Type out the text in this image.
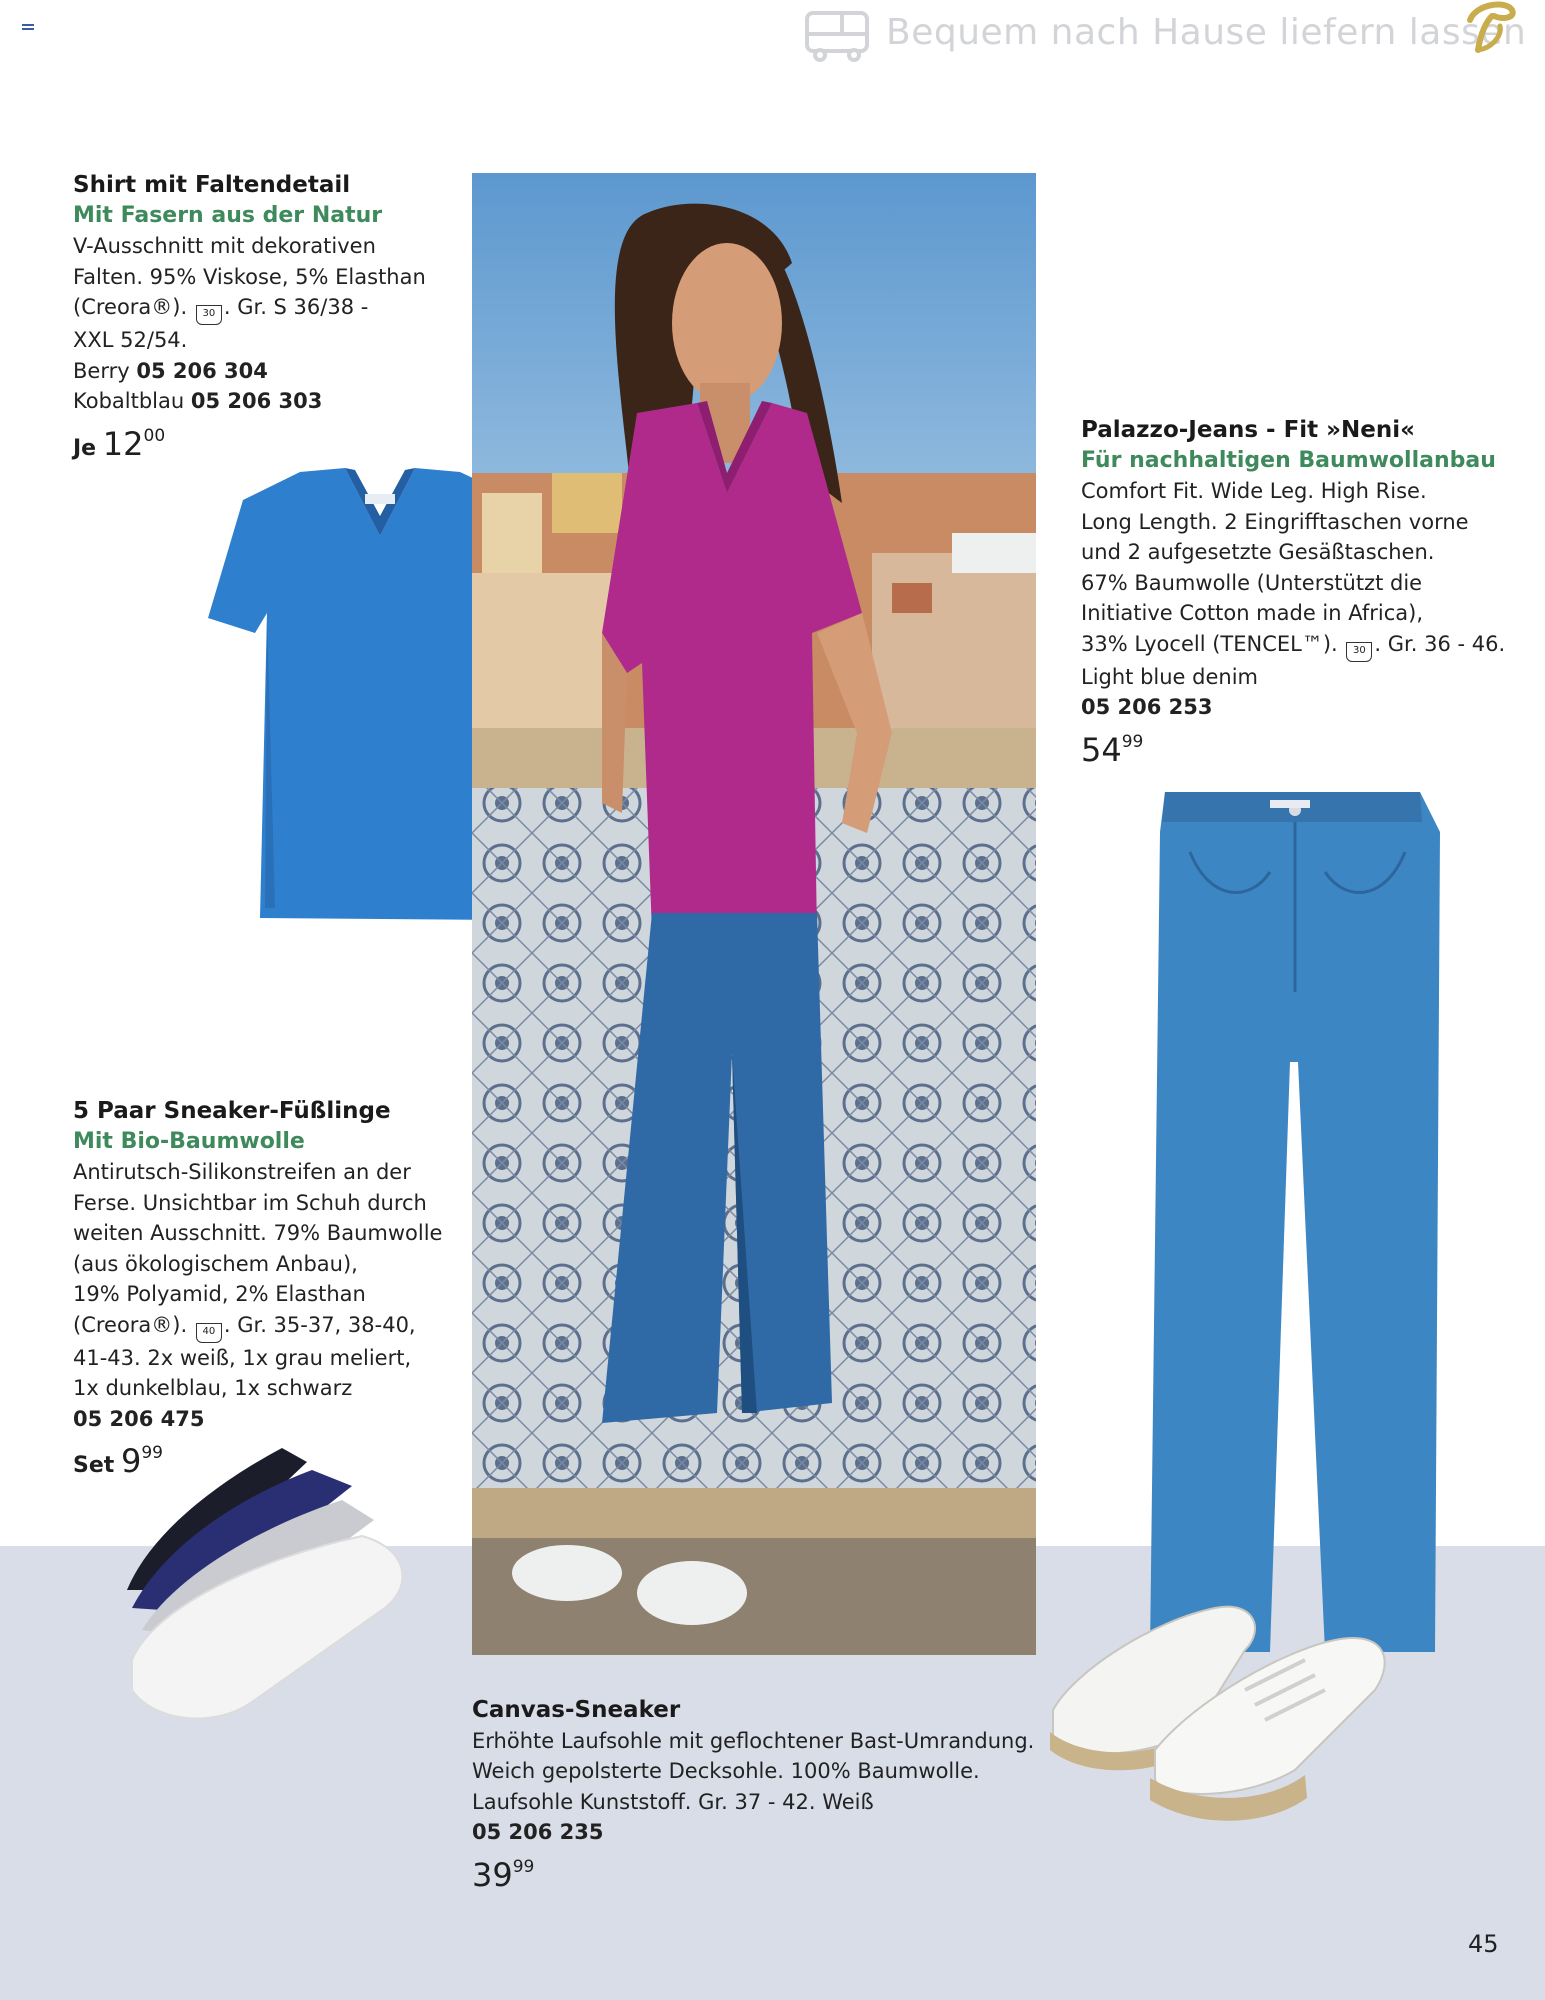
Bequem nach Hause liefern lassen
Shirt mit Faltendetail
Mit Fasern aus der Natur
V-Ausschnitt mit dekorativen
Falten. 95% Viskose, 5% Elasthan
(Creora®). 30 . Gr. S 36/38 -
XXL 52/54.
Berry 05 206 304
Kobaltblau 05 206 303
Je $12^{00}$
5 Paar Sneaker-Füßlinge
Mit Bio-Baumwolle
Antirutsch-Silikonstreifen an der
Ferse. Unsichtbar im Schuh durch
weiten Ausschnitt. 79% Baumwolle
(aus ökologischem Anbau),
19% Polyamid, 2% Elasthan
(Creora®). 40 . Gr. 35-37, 38-40,
41-43. 2x weiß, 1x grau meliert,
1x dunkelblau, 1x schwarz
05 206 475
Set $9^{99}$
Palazzo-Jeans - Fit »Neni«
Für nachhaltigen Baumwollanbau
Comfort Fit. Wide Leg. High Rise.
Long Length. 2 Eingrifftaschen vorne
und 2 aufgesetzte Gesäßtaschen.
67% Baumwolle (Unterstützt die
Initiative Cotton made in Africa),
33% Lyocell (TENCEL™). 30 . Gr. 36 - 46.
Light blue denim
05 206 253
$54^{99}$
Canvas-Sneaker
Erhöhte Laufsohle mit geflochtener Bast-Umrandung.
Weich gepolsterte Decksohle. 100% Baumwolle.
Laufsohle Kunststoff. Gr. 37 - 42. Weiß
05 206 235
$39^{99}$
45
